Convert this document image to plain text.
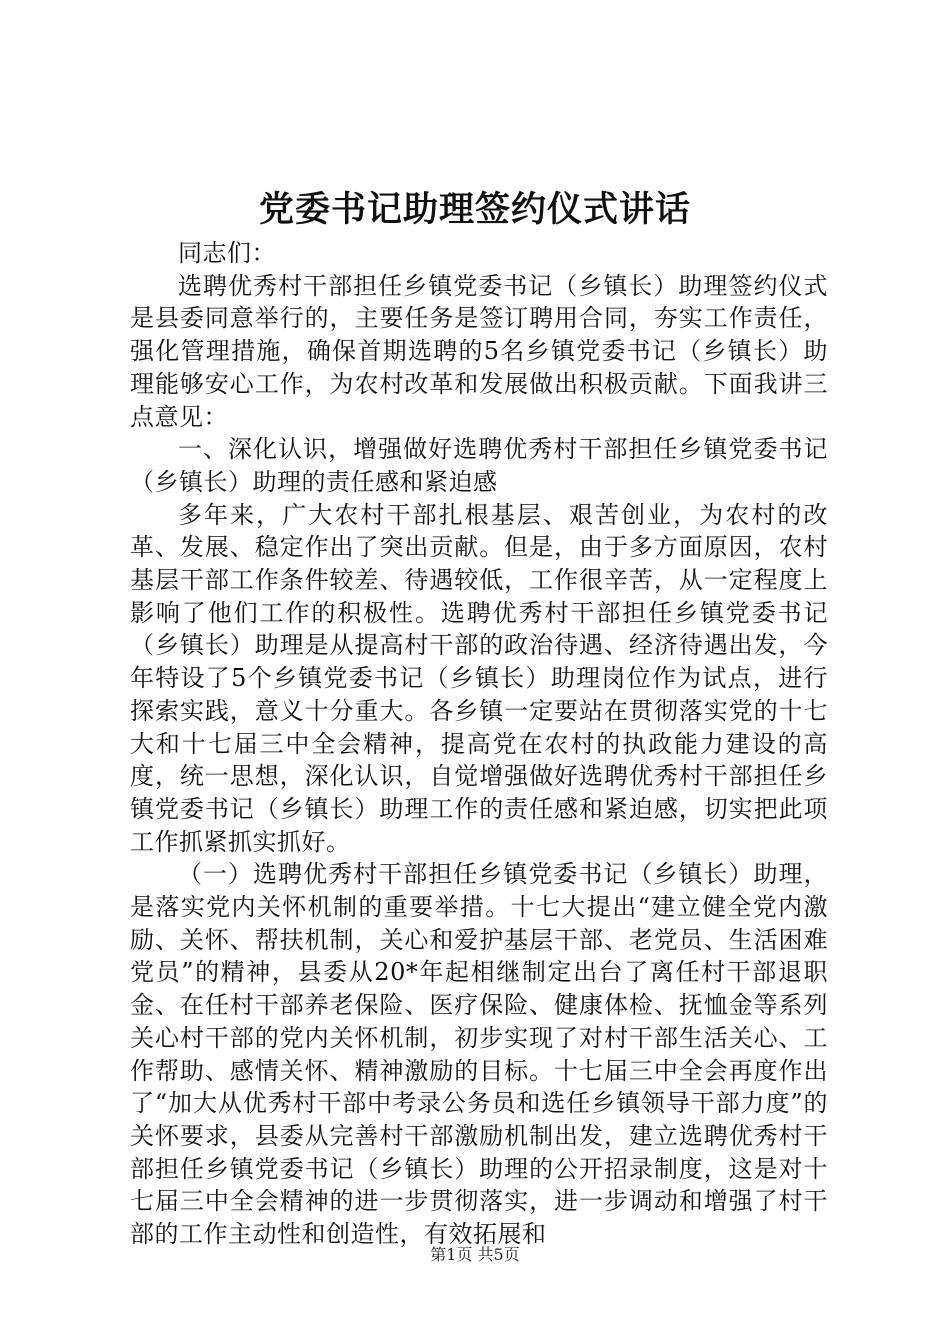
党委书记助理签约仪式讲话

同志们：

选聘优秀村干部担任乡镇党委书记（乡镇长）助理签约仪式是县委同意举行的，主要任务是签订聘用合同，夯实工作责任，强化管理措施，确保首期选聘的5名乡镇党委书记（乡镇长）助理能够安心工作，为农村改革和发展做出积极贡献。下面我讲三点意见：

一、深化认识，增强做好选聘优秀村干部担任乡镇党委书记（乡镇长）助理的责任感和紧迫感

多年来，广大农村干部扎根基层、艰苦创业，为农村的改革、发展、稳定作出了突出贡献。但是，由于多方面原因，农村基层干部工作条件较差、待遇较低，工作很辛苦，从一定程度上影响了他们工作的积极性。选聘优秀村干部担任乡镇党委书记（乡镇长）助理是从提高村干部的政治待遇、经济待遇出发，今年特设了5个乡镇党委书记（乡镇长）助理岗位作为试点，进行探索实践，意义十分重大。各乡镇一定要站在贯彻落实党的十七大和十七届三中全会精神，提高党在农村的执政能力建设的高度，统一思想，深化认识，自觉增强做好选聘优秀村干部担任乡镇党委书记（乡镇长）助理工作的责任感和紧迫感，切实把此项工作抓紧抓实抓好。

（一）选聘优秀村干部担任乡镇党委书记（乡镇长）助理，是落实党内关怀机制的重要举措。十七大提出“建立健全党内激励、关怀、帮扶机制，关心和爱护基层干部、老党员、生活困难党员”的精神，县委从20*年起相继制定出台了离任村干部退职金、在任村干部养老保险、医疗保险、健康体检、抚恤金等系列关心村干部的党内关怀机制，初步实现了对村干部生活关心、工作帮助、感情关怀、精神激励的目标。十七届三中全会再度作出了“加大从优秀村干部中考录公务员和选任乡镇领导干部力度”的关怀要求，县委从完善村干部激励机制出发，建立选聘优秀村干部担任乡镇党委书记（乡镇长）助理的公开招录制度，这是对十七届三中全会精神的进一步贯彻落实，进一步调动和增强了村干部的工作主动性和创造性，有效拓展和

第1页 共5页
